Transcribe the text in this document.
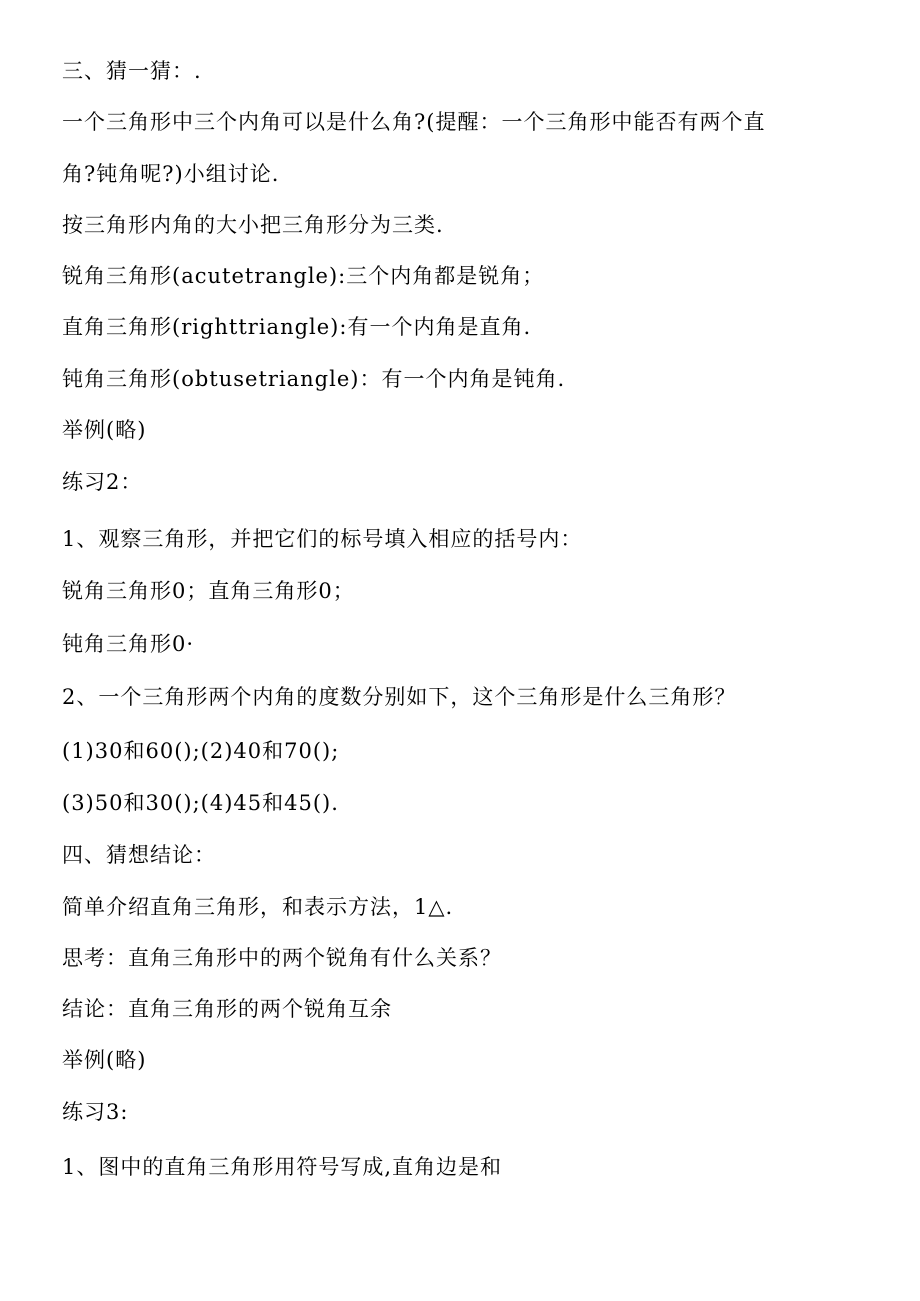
三、猜一猜：.
一个三角形中三个内角可以是什么角?(提醒：一个三角形中能否有两个直
角?钝角呢?)小组讨论.
按三角形内角的大小把三角形分为三类.
锐角三角形(acutetrangle):三个内角都是锐角；
直角三角形(righttriangle):有一个内角是直角.
钝角三角形(obtusetriangle)：有一个内角是钝角.
举例(略)
练习2：
1、观察三角形，并把它们的标号填入相应的括号内：
锐角三角形0；直角三角形0；
钝角三角形0·
2、一个三角形两个内角的度数分别如下，这个三角形是什么三角形？
(1)30和60();(2)40和70();
(3)50和30();(4)45和45().
四、猜想结论：
简单介绍直角三角形，和表示方法，1△.
思考：直角三角形中的两个锐角有什么关系？
结论：直角三角形的两个锐角互余
举例(略)
练习3:
1、图中的直角三角形用符号写成,直角边是和
